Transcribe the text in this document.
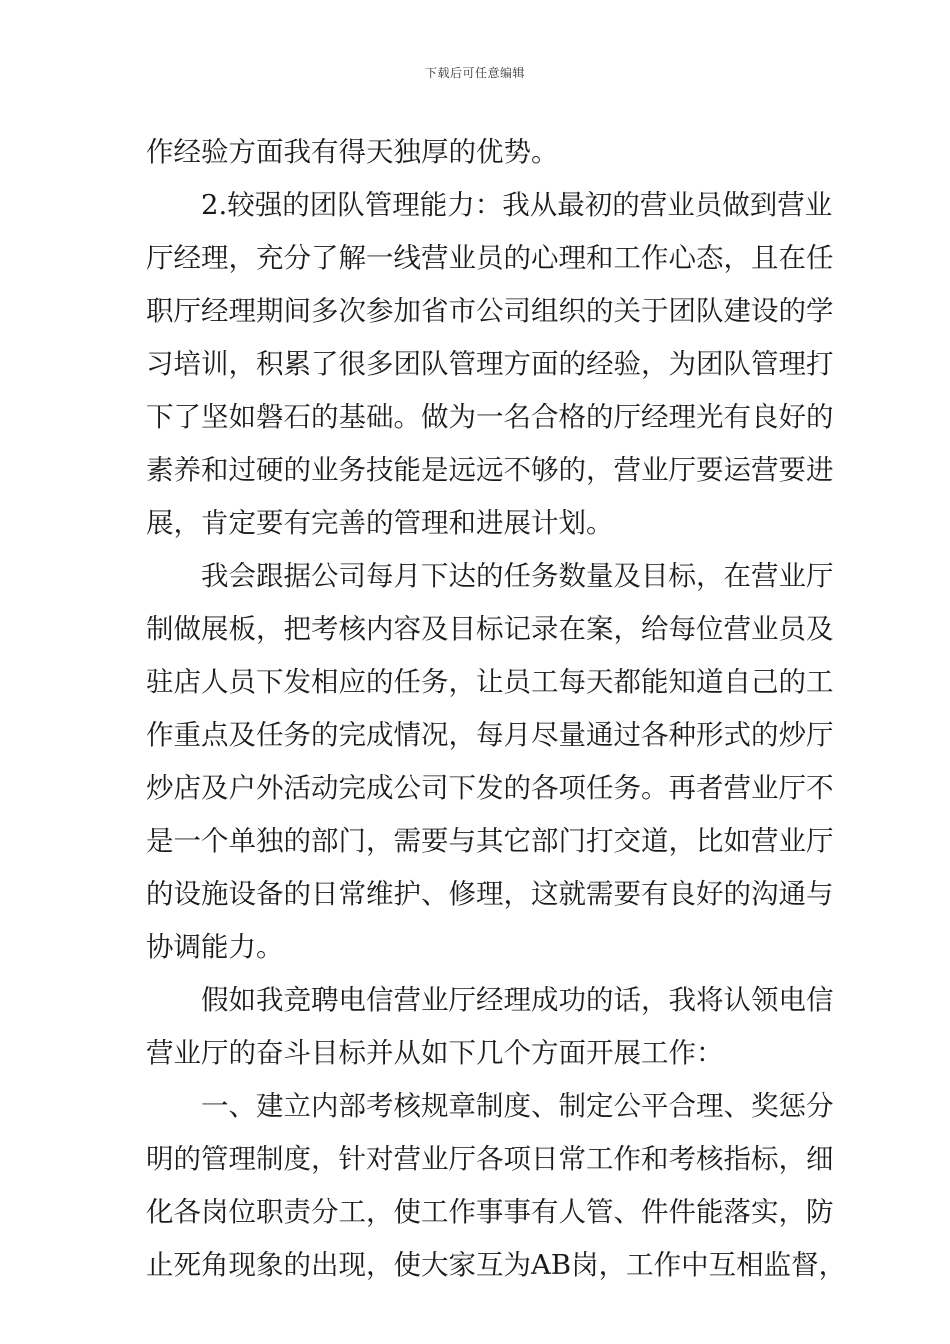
下载后可任意编辑
作经验方面我有得天独厚的优势。
2.较强的团队管理能力：我从最初的营业员做到营业
厅经理，充分了解一线营业员的心理和工作心态，且在任
职厅经理期间多次参加省市公司组织的关于团队建设的学
习培训，积累了很多团队管理方面的经验，为团队管理打
下了坚如磐石的基础。做为一名合格的厅经理光有良好的
素养和过硬的业务技能是远远不够的，营业厅要运营要进
展，肯定要有完善的管理和进展计划。
我会跟据公司每月下达的任务数量及目标，在营业厅
制做展板，把考核内容及目标记录在案，给每位营业员及
驻店人员下发相应的任务，让员工每天都能知道自己的工
作重点及任务的完成情况，每月尽量通过各种形式的炒厅
炒店及户外活动完成公司下发的各项任务。再者营业厅不
是一个单独的部门，需要与其它部门打交道，比如营业厅
的设施设备的日常维护、修理，这就需要有良好的沟通与
协调能力。
假如我竞聘电信营业厅经理成功的话，我将认领电信
营业厅的奋斗目标并从如下几个方面开展工作：
一、建立内部考核规章制度、制定公平合理、奖惩分
明的管理制度，针对营业厅各项日常工作和考核指标，细
化各岗位职责分工，使工作事事有人管、件件能落实，防
止死角现象的出现，使大家互为AB岗，工作中互相监督，
